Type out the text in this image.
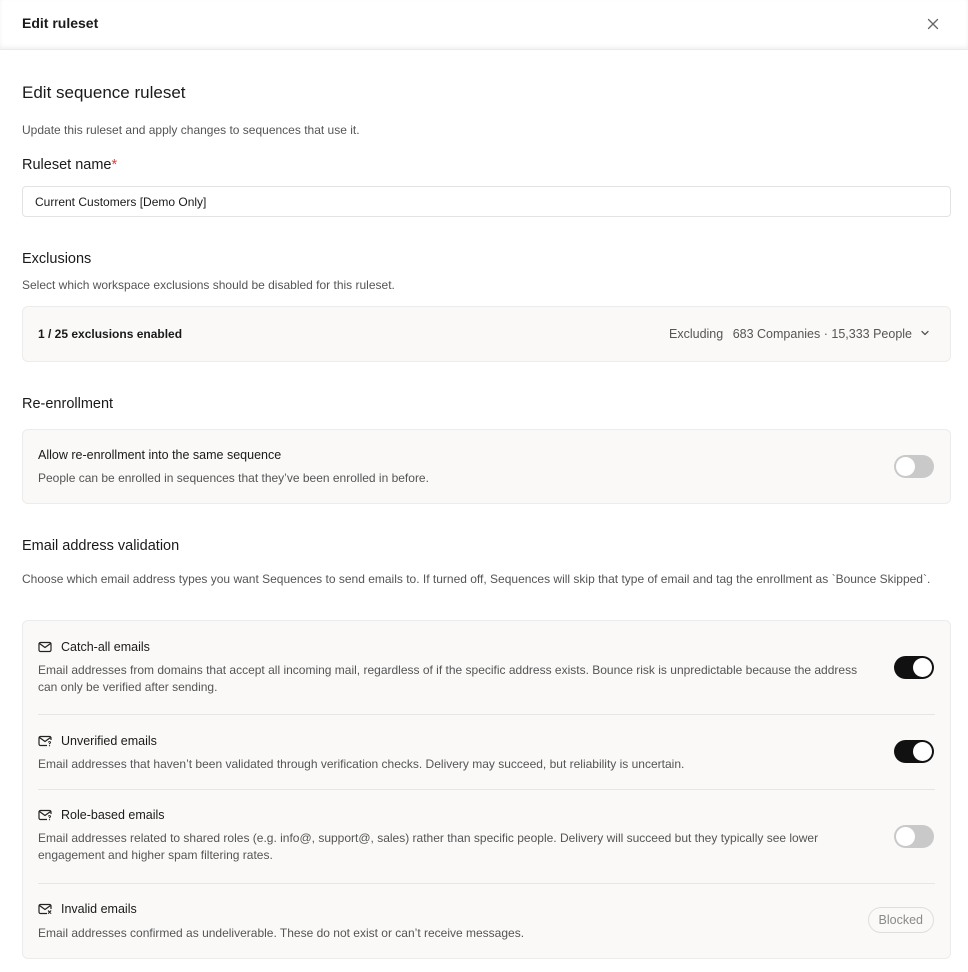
Edit ruleset
Edit sequence ruleset
Update this ruleset and apply changes to sequences that use it.
Ruleset name*
Current Customers [Demo Only]
Exclusions
Select which workspace exclusions should be disabled for this ruleset.
1 / 25 exclusions enabled	Excluding 683 Companies · 15,333 People
Re-enrollment
Allow re-enrollment into the same sequence
People can be enrolled in sequences that they’ve been enrolled in before.
Email address validation
Choose which email address types you want Sequences to send emails to. If turned off, Sequences will skip that type of email and tag the enrollment as `Bounce Skipped`.
Catch-all emails
Email addresses from domains that accept all incoming mail, regardless of if the specific address exists. Bounce risk is unpredictable because the address can only be verified after sending.
Unverified emails
Email addresses that haven’t been validated through verification checks. Delivery may succeed, but reliability is uncertain.
Role-based emails
Email addresses related to shared roles (e.g. info@, support@, sales) rather than specific people. Delivery will succeed but they typically see lower engagement and higher spam filtering rates.
Invalid emails
Email addresses confirmed as undeliverable. These do not exist or can’t receive messages.
Blocked
